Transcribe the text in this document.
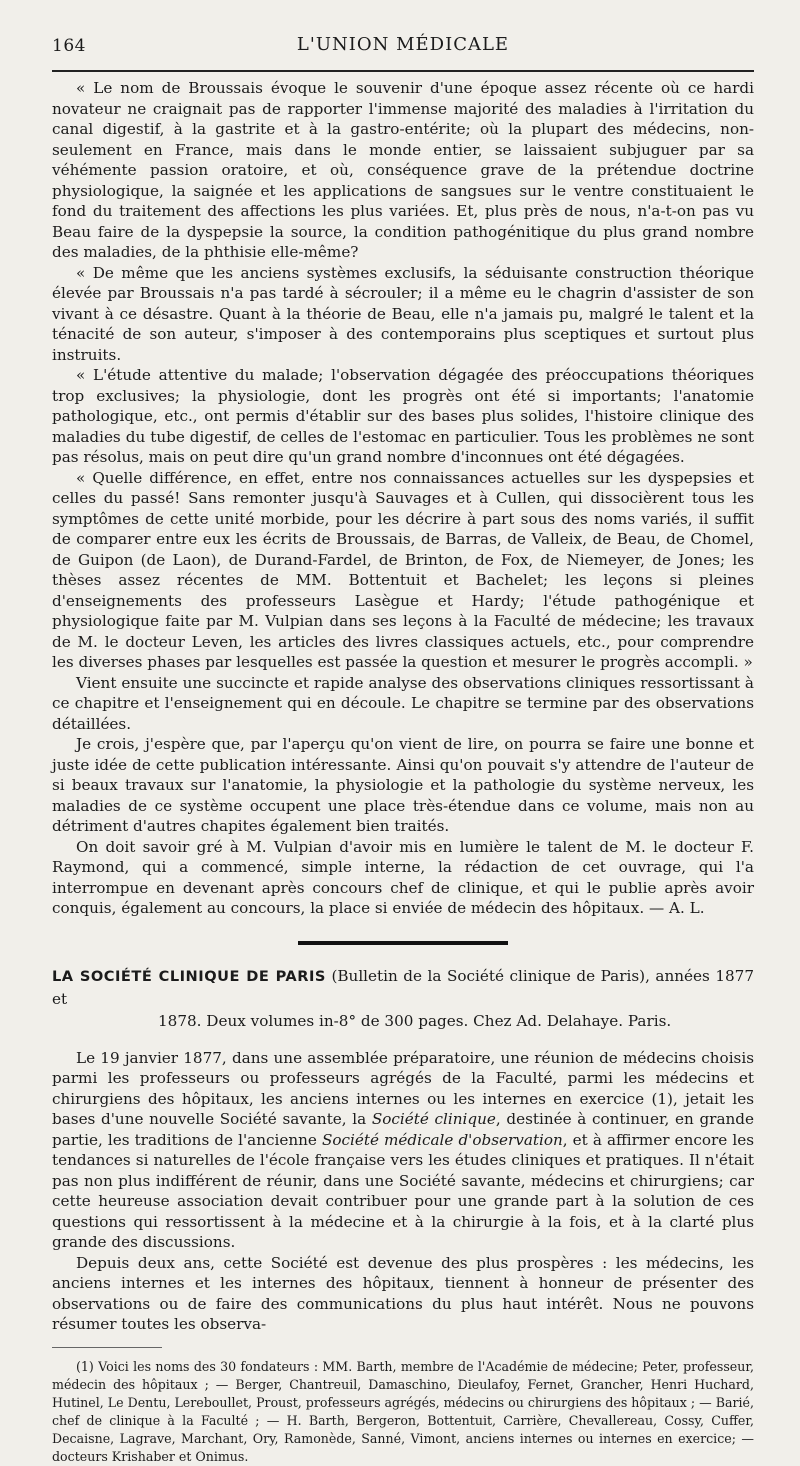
164	L'UNION MÉDICALE

« Le nom de Broussais évoque le souvenir d'une époque assez récente où ce hardi novateur ne craignait pas de rapporter l'immense majorité des maladies à l'irritation du canal digestif, à la gastrite et à la gastro-entérite; où la plupart des médecins, non-seulement en France, mais dans le monde entier, se laissaient subjuguer par sa véhémente passion oratoire, et où, conséquence grave de la prétendue doctrine physiologique, la saignée et les applications de sangsues sur le ventre constituaient le fond du traitement des affections les plus variées. Et, plus près de nous, n'a-t-on pas vu Beau faire de la dyspepsie la source, la condition pathogénitique du plus grand nombre des maladies, de la phthisie elle-même?

« De même que les anciens systèmes exclusifs, la séduisante construction théorique élevée par Broussais n'a pas tardé à sécrouler; il a même eu le chagrin d'assister de son vivant à ce désastre. Quant à la théorie de Beau, elle n'a jamais pu, malgré le talent et la ténacité de son auteur, s'imposer à des contemporains plus sceptiques et surtout plus instruits.

« L'étude attentive du malade; l'observation dégagée des préoccupations théoriques trop exclusives; la physiologie, dont les progrès ont été si importants; l'anatomie pathologique, etc., ont permis d'établir sur des bases plus solides, l'histoire clinique des maladies du tube digestif, de celles de l'estomac en particulier. Tous les problèmes ne sont pas résolus, mais on peut dire qu'un grand nombre d'inconnues ont été dégagées.

« Quelle différence, en effet, entre nos connaissances actuelles sur les dyspepsies et celles du passé! Sans remonter jusqu'à Sauvages et à Cullen, qui dissocièrent tous les symptômes de cette unité morbide, pour les décrire à part sous des noms variés, il suffit de comparer entre eux les écrits de Broussais, de Barras, de Valleix, de Beau, de Chomel, de Guipon (de Laon), de Durand-Fardel, de Brinton, de Fox, de Niemeyer, de Jones; les thèses assez récentes de MM. Bottentuit et Bachelet; les leçons si pleines d'enseignements des professeurs Lasègue et Hardy; l'étude pathogénique et physiologique faite par M. Vulpian dans ses leçons à la Faculté de médecine; les travaux de M. le docteur Leven, les articles des livres classiques actuels, etc., pour comprendre les diverses phases par lesquelles est passée la question et mesurer le progrès accompli. »

Vient ensuite une succincte et rapide analyse des observations cliniques ressortissant à ce chapitre et l'enseignement qui en découle. Le chapitre se termine par des observations détaillées.

Je crois, j'espère que, par l'aperçu qu'on vient de lire, on pourra se faire une bonne et juste idée de cette publication intéressante. Ainsi qu'on pouvait s'y attendre de l'auteur de si beaux travaux sur l'anatomie, la physiologie et la pathologie du système nerveux, les maladies de ce système occupent une place très-étendue dans ce volume, mais non au détriment d'autres chapites également bien traités.

On doit savoir gré à M. Vulpian d'avoir mis en lumière le talent de M. le docteur F. Raymond, qui a commencé, simple interne, la rédaction de cet ouvrage, qui l'a interrompue en devenant après concours chef de clinique, et qui le publie après avoir conquis, également au concours, la place si enviée de médecin des hôpitaux. — A. L.

LA SOCIÉTÉ CLINIQUE DE PARIS (Bulletin de la Société clinique de Paris), années 1877 et
1878. Deux volumes in-8° de 300 pages. Chez Ad. Delahaye. Paris.

Le 19 janvier 1877, dans une assemblée préparatoire, une réunion de médecins choisis parmi les professeurs ou professeurs agrégés de la Faculté, parmi les médecins et chirurgiens des hôpitaux, les anciens internes ou les internes en exercice (1), jetait les bases d'une nouvelle Société savante, la Société clinique, destinée à continuer, en grande partie, les traditions de l'ancienne Société médicale d'observation, et à affirmer encore les tendances si naturelles de l'école française vers les études cliniques et pratiques. Il n'était pas non plus indifférent de réunir, dans une Société savante, médecins et chirurgiens; car cette heureuse association devait contribuer pour une grande part à la solution de ces questions qui ressortissent à la médecine et à la chirurgie à la fois, et à la clarté plus grande des discussions.

Depuis deux ans, cette Société est devenue des plus prospères : les médecins, les anciens internes et les internes des hôpitaux, tiennent à honneur de présenter des observations ou de faire des communications du plus haut intérêt. Nous ne pouvons résumer toutes les observa-

(1) Voici les noms des 30 fondateurs : MM. Barth, membre de l'Académie de médecine; Peter, professeur, médecin des hôpitaux ; — Berger, Chantreuil, Damaschino, Dieulafoy, Fernet, Grancher, Henri Huchard, Hutinel, Le Dentu, Lereboullet, Proust, professeurs agrégés, médecins ou chirurgiens des hôpitaux ; — Barié, chef de clinique à la Faculté ; — H. Barth, Bergeron, Bottentuit, Carrière, Chevallereau, Cossy, Cuffer, Decaisne, Lagrave, Marchant, Ory, Ramonède, Sanné, Vimont, anciens internes ou internes en exercice; — docteurs Krishaber et Onimus.
